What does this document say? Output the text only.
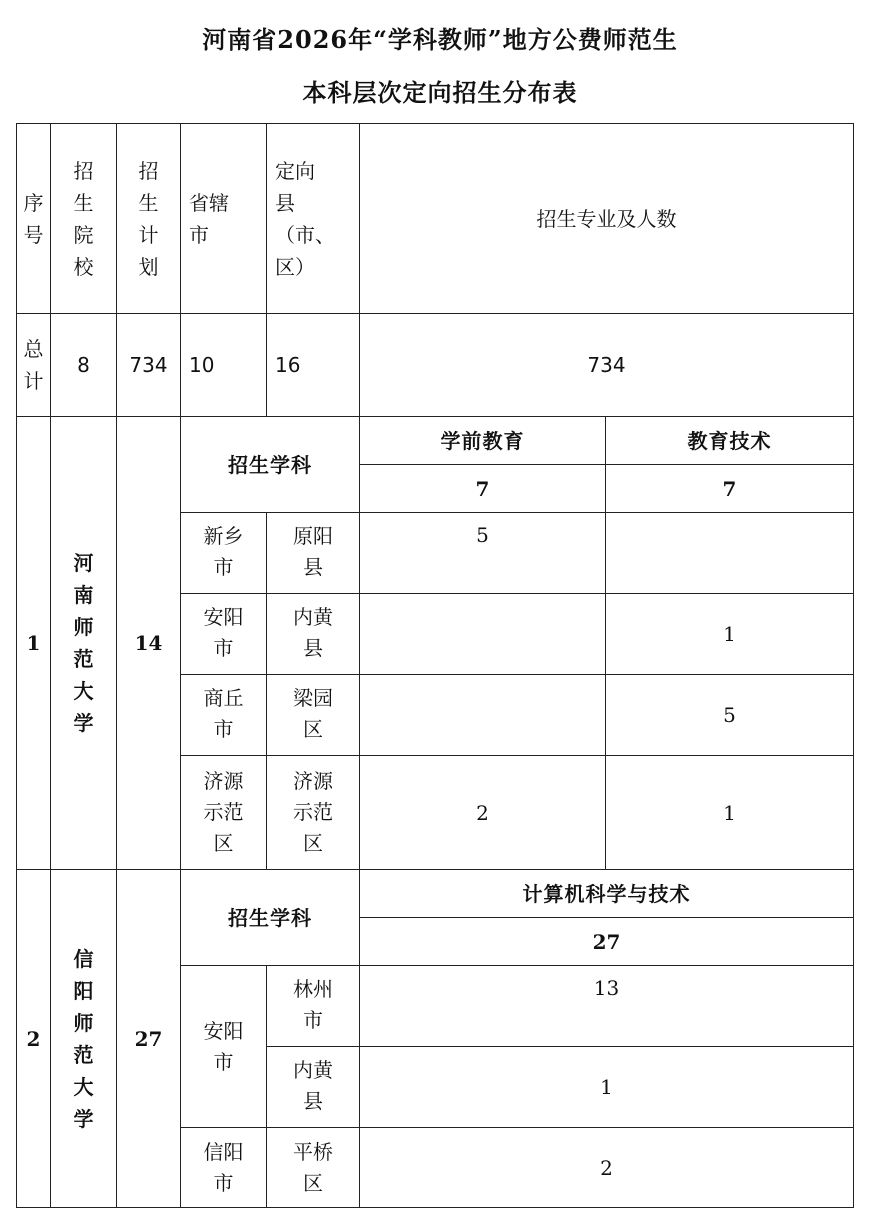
河南省2026年“学科教师”地方公费师范生
本科层次定向招生分布表
序号	招生院校	招生计划	省辖市	定向县（市、区）	招生专业及人数	
总计	8	734	10	16	734	
1	河南师范大学	14	招生学科		学前教育	教育技术
					7	7
			新乡市	原阳县	5	
			安阳市	内黄县		1
			商丘市	梁园区		5
			济源示范区	济源示范区	2	1
2	信阳师范大学	27	招生学科		计算机科学与技术	
					27	
			安阳市	林州市	13	
				内黄县	1	
			信阳市	平桥区	2	
